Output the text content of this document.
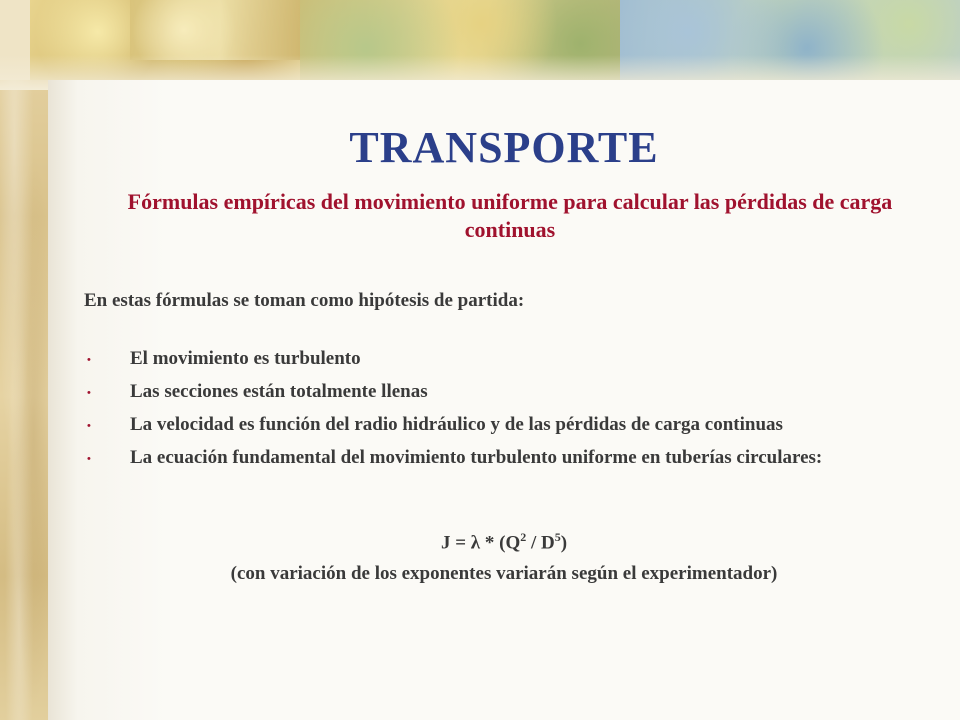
TRANSPORTE
Fórmulas empíricas del movimiento uniforme para calcular las pérdidas de carga continuas
En estas fórmulas se toman como hipótesis de partida:
• El movimiento es turbulento
• Las secciones están totalmente llenas
• La velocidad es función del radio hidráulico y de las pérdidas de carga continuas
• La ecuación fundamental del movimiento turbulento uniforme en tuberías circulares:
$J = \lambda * (Q^2 / D^5)$
(con variación de los exponentes variarán según el experimentador)
